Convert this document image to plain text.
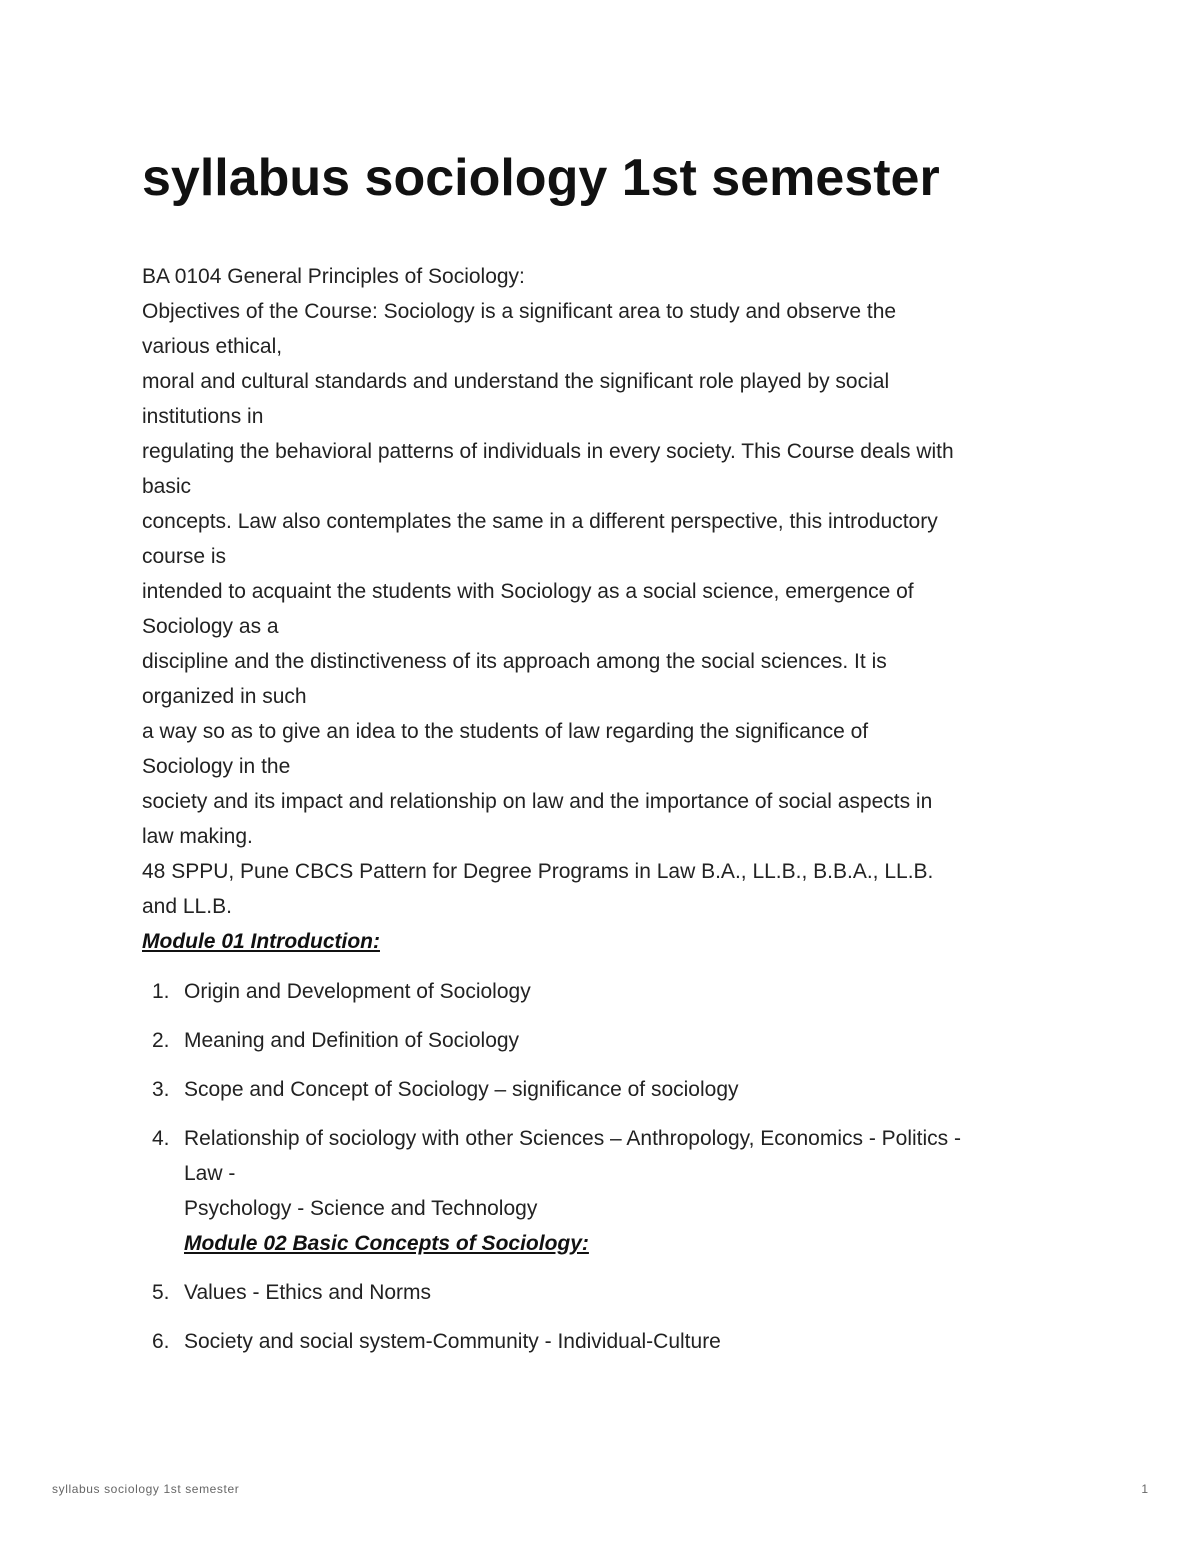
syllabus sociology 1st semester
BA 0104 General Principles of Sociology:
Objectives of the Course: Sociology is a significant area to study and observe the
various ethical,
moral and cultural standards and understand the significant role played by social
institutions in
regulating the behavioral patterns of individuals in every society. This Course deals with
basic
concepts. Law also contemplates the same in a different perspective, this introductory
course is
intended to acquaint the students with Sociology as a social science, emergence of
Sociology as a
discipline and the distinctiveness of its approach among the social sciences. It is
organized in such
a way so as to give an idea to the students of law regarding the significance of
Sociology in the
society and its impact and relationship on law and the importance of social aspects in
law making.
48 SPPU, Pune CBCS Pattern for Degree Programs in Law B.A., LL.B., B.B.A., LL.B.
and LL.B.
Module 01 Introduction:
1. Origin and Development of Sociology
2. Meaning and Definition of Sociology
3. Scope and Concept of Sociology – significance of sociology
4. Relationship of sociology with other Sciences – Anthropology, Economics - Politics -
Law -
Psychology - Science and Technology
Module 02 Basic Concepts of Sociology:
5. Values - Ethics and Norms
6. Society and social system-Community - Individual-Culture
syllabus sociology 1st semester	1
